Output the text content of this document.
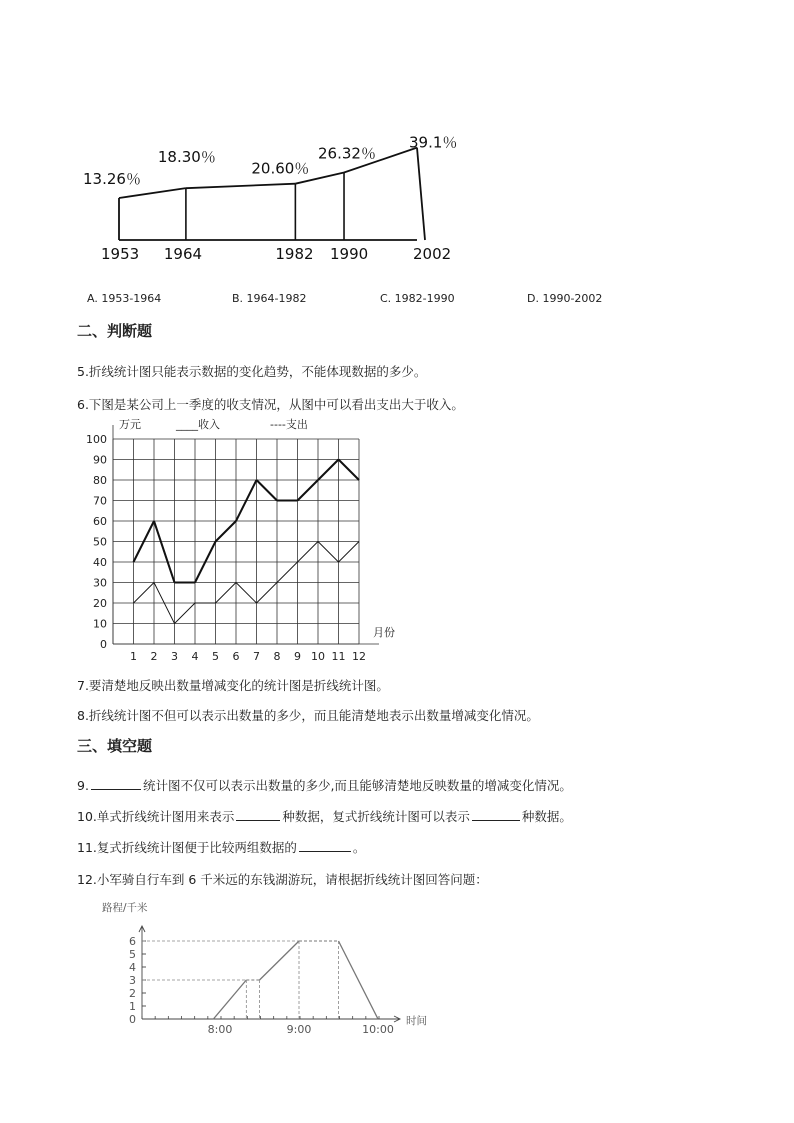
13.26％
18.30％
20.60％
26.32％
39.1％
1953 1964	1982 1990	2002
A. 1953-1964	B. 1964-1982	C. 1982-1990	D. 1990-2002
二、判断题
5.折线统计图只能表示数据的变化趋势，不能体现数据的多少。
6.下图是某公司上一季度的收支情况，从图中可以看出支出大于收入。
0
10
20
30
40
50
60
70
80
90
100
1 2 3 4 5 6 7 8 9 10 11 12
万元
月份
____收入	----支出
7.要清楚地反映出数量增减变化的统计图是折线统计图。
8.折线统计图不但可以表示出数量的多少，而且能清楚地表示出数量增减变化情况。
三、填空题
9.	统计图不仅可以表示出数量的多少,而且能够清楚地反映数量的增减变化情况。
10.单式折线统计图用来表示	种数据，复式折线统计图可以表示	种数据。
11.复式折线统计图便于比较两组数据的	。
12.小军骑自行车到 6 千米远的东钱湖游玩，请根据折线统计图回答问题：
0
1
2
3
4
5
6
8:00	9:00	10:00
路程/千米
时间
